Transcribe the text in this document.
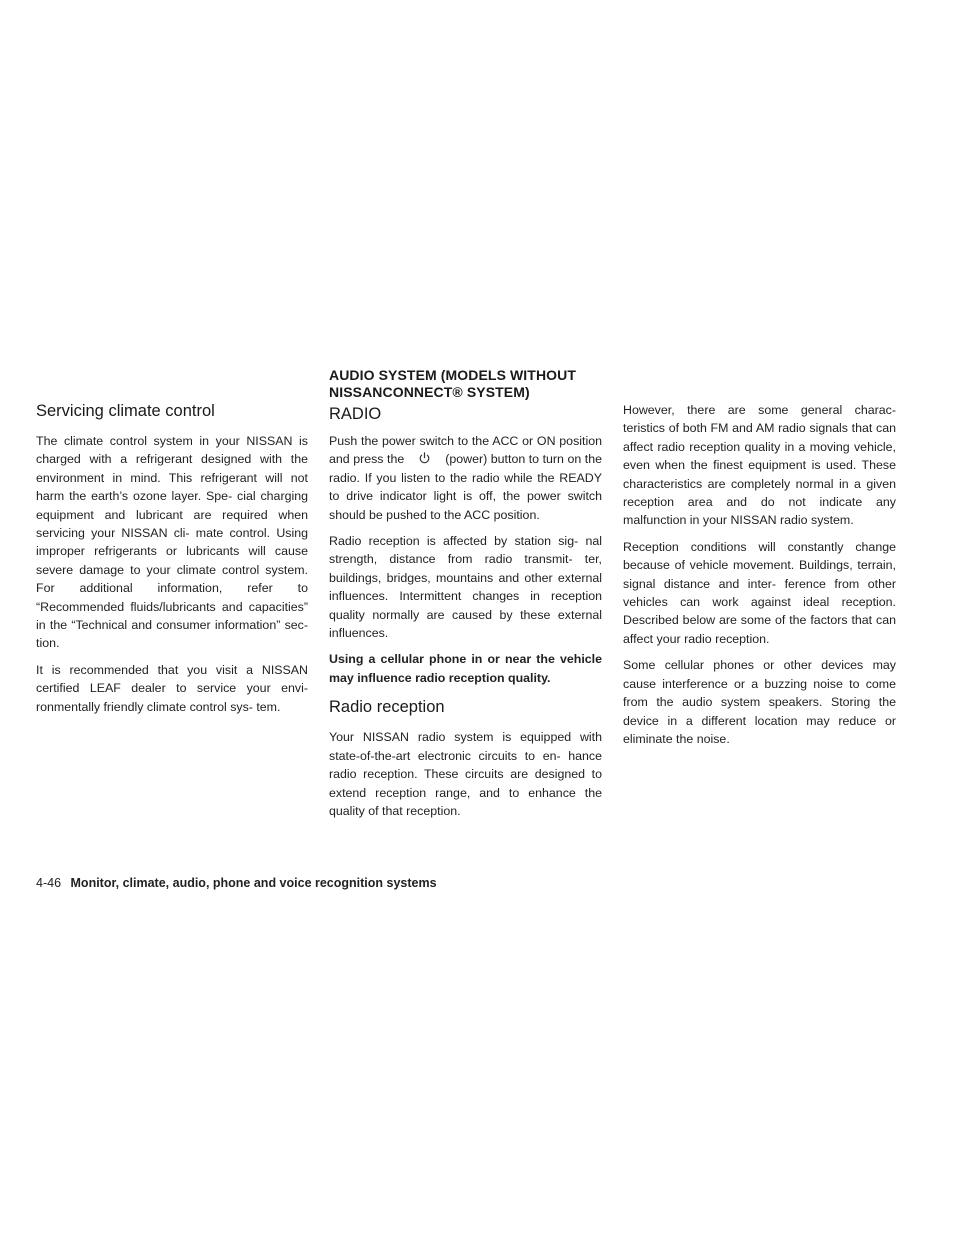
Servicing climate control

The climate control system in your NISSAN is charged with a refrigerant designed with the environment in mind. This refrigerant will not harm the earth’s ozone layer. Spe- cial charging equipment and lubricant are required when servicing your NISSAN cli- mate control. Using improper refrigerants or lubricants will cause severe damage to your climate control system. For additional information, refer to “Recommended fluids/lubricants and capacities” in the “Technical and consumer information” sec- tion.

It is recommended that you visit a NISSAN certified LEAF dealer to service your envi- ronmentally friendly climate control sys- tem.

AUDIO SYSTEM (MODELS WITHOUT
NISSANCONNECT® SYSTEM)
RADIO

Push the power switch to the ACC or ON position and press the	(power) button to turn on the radio. If you listen to the radio while the READY to drive indicator light is off, the power switch should be pushed to the ACC position.

Radio reception is affected by station sig- nal strength, distance from radio transmit- ter, buildings, bridges, mountains and other external influences. Intermittent changes in reception quality normally are caused by these external influences.

Using a cellular phone in or near the vehicle may influence radio reception quality.

Radio reception

Your NISSAN radio system is equipped with state-of-the-art electronic circuits to en- hance radio reception. These circuits are designed to extend reception range, and to enhance the quality of that reception.

However, there are some general charac- teristics of both FM and AM radio signals that can affect radio reception quality in a moving vehicle, even when the finest equipment is used. These characteristics are completely normal in a given reception area and do not indicate any malfunction in your NISSAN radio system.

Reception conditions will constantly change because of vehicle movement. Buildings, terrain, signal distance and inter- ference from other vehicles can work against ideal reception. Described below are some of the factors that can affect your radio reception.

Some cellular phones or other devices may cause interference or a buzzing noise to come from the audio system speakers. Storing the device in a different location may reduce or eliminate the noise.

4-46 Monitor, climate, audio, phone and voice recognition systems
